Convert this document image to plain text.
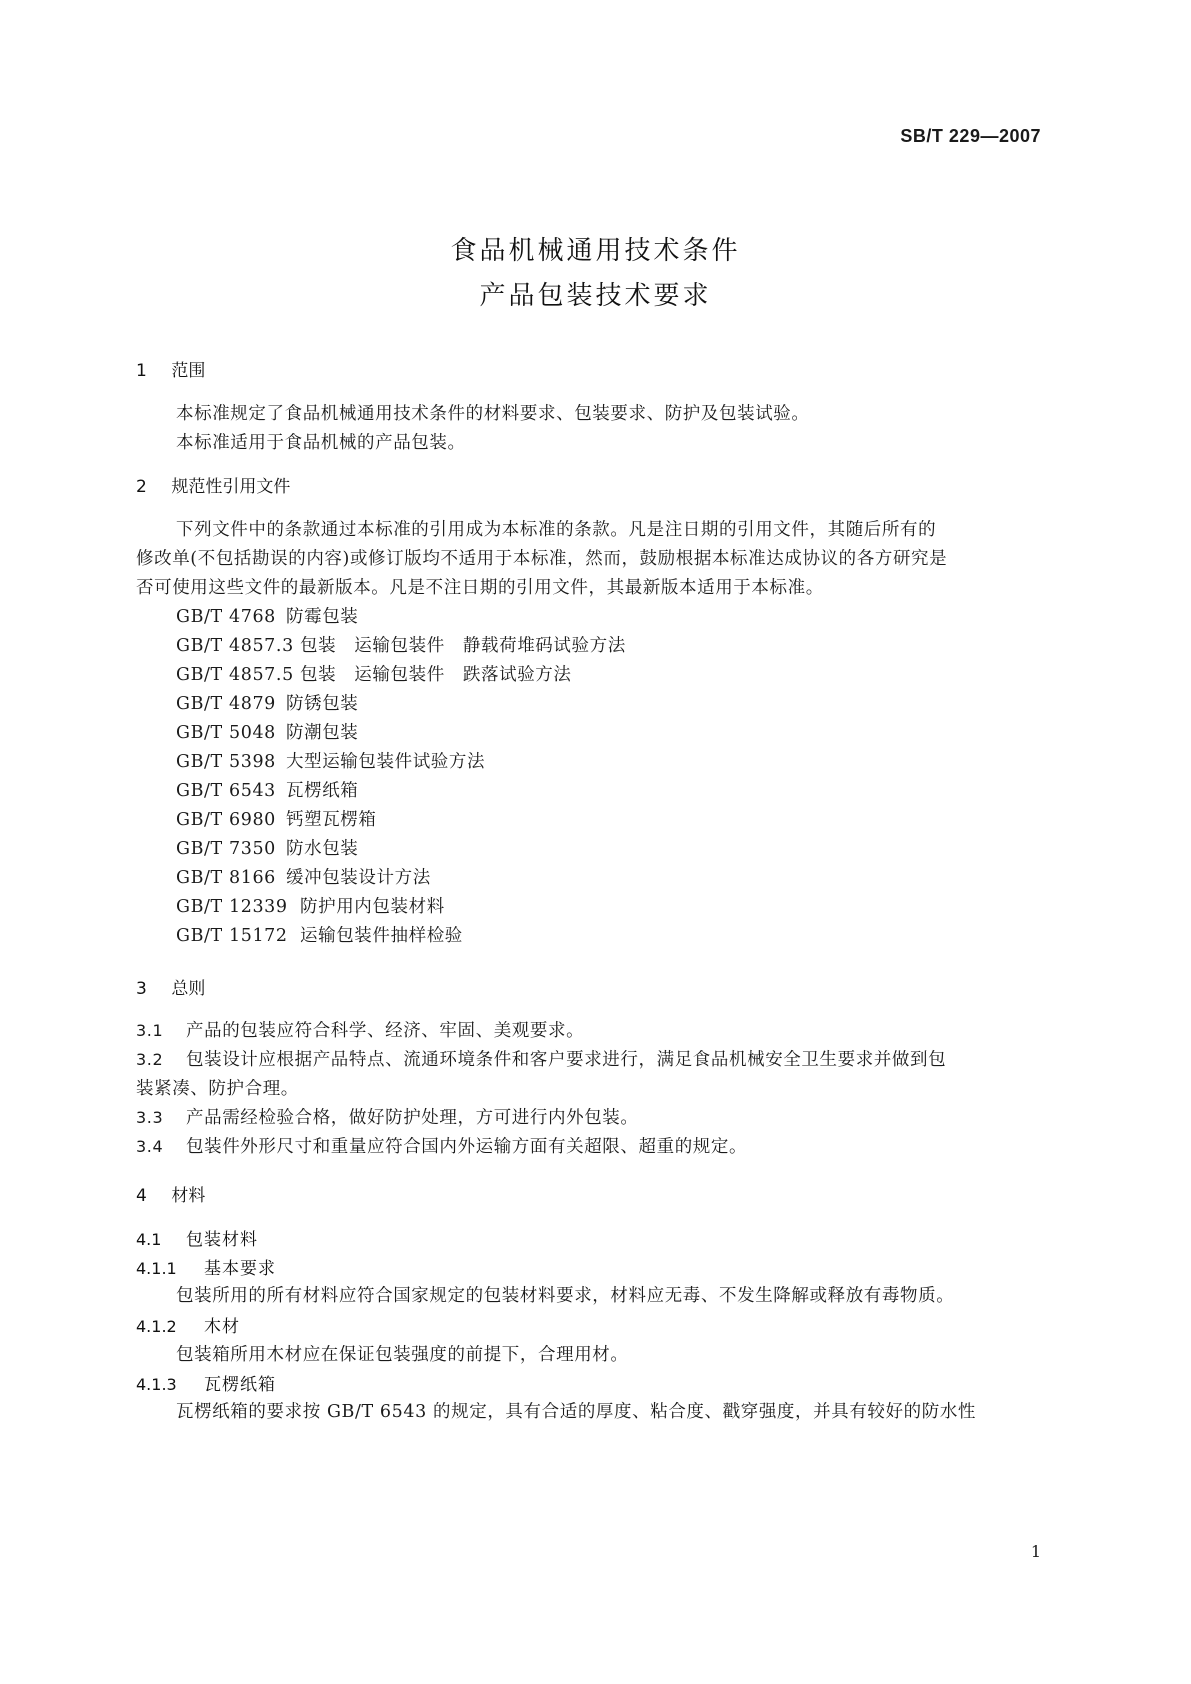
SB/T 229—2007
食品机械通用技术条件
产品包装技术要求
1 范围
本标准规定了食品机械通用技术条件的材料要求、包装要求、防护及包装试验。
本标准适用于食品机械的产品包装。
2 规范性引用文件
下列文件中的条款通过本标准的引用成为本标准的条款。凡是注日期的引用文件，其随后所有的
修改单(不包括勘误的内容)或修订版均不适用于本标准，然而，鼓励根据本标准达成协议的各方研究是
否可使用这些文件的最新版本。凡是不注日期的引用文件，其最新版本适用于本标准。
GB/T 4768 防霉包装
GB/T 4857.3 包装　运输包装件　静载荷堆码试验方法
GB/T 4857.5 包装　运输包装件　跌落试验方法
GB/T 4879 防锈包装
GB/T 5048 防潮包装
GB/T 5398 大型运输包装件试验方法
GB/T 6543 瓦楞纸箱
GB/T 6980 钙塑瓦楞箱
GB/T 7350 防水包装
GB/T 8166 缓冲包装设计方法
GB/T 12339 防护用内包装材料
GB/T 15172 运输包装件抽样检验
3 总则
3.1 产品的包装应符合科学、经济、牢固、美观要求。
3.2 包装设计应根据产品特点、流通环境条件和客户要求进行，满足食品机械安全卫生要求并做到包
装紧凑、防护合理。
3.3 产品需经检验合格，做好防护处理，方可进行内外包装。
3.4 包装件外形尺寸和重量应符合国内外运输方面有关超限、超重的规定。
4 材料
4.1 包装材料
4.1.1 基本要求
包装所用的所有材料应符合国家规定的包装材料要求，材料应无毒、不发生降解或释放有毒物质。
4.1.2 木材
包装箱所用木材应在保证包装强度的前提下，合理用材。
4.1.3 瓦楞纸箱
瓦楞纸箱的要求按 GB/T 6543 的规定，具有合适的厚度、粘合度、戳穿强度，并具有较好的防水性
1
